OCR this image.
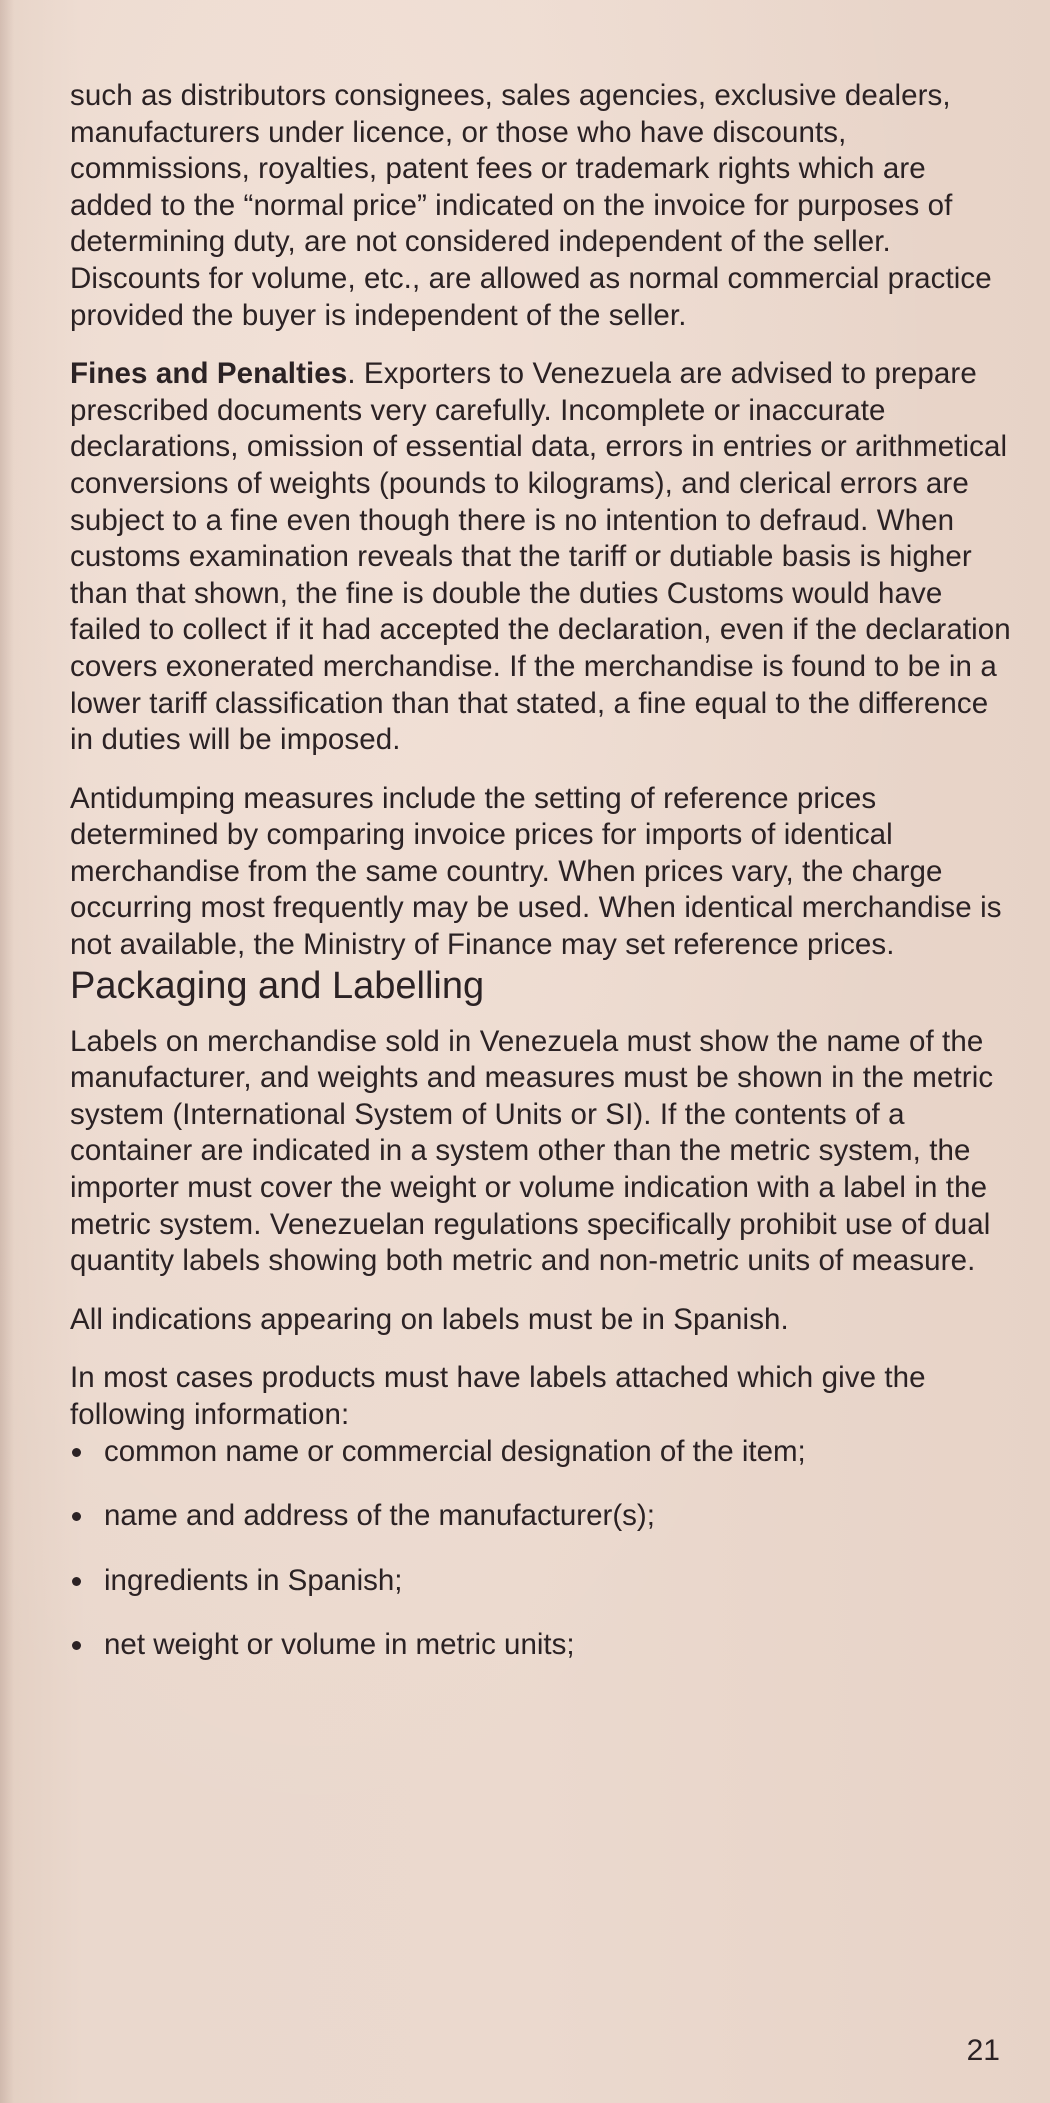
such as distributors consignees, sales agencies, exclusive dealers, manufacturers under licence, or those who have discounts, commissions, royalties, patent fees or trademark rights which are added to the “normal price” indicated on the invoice for purposes of determining duty, are not considered independent of the seller. Discounts for volume, etc., are allowed as normal commercial practice provided the buyer is independent of the seller.

Fines and Penalties. Exporters to Venezuela are advised to prepare prescribed documents very carefully. Incomplete or inaccurate declarations, omission of essential data, errors in entries or arithmetical conversions of weights (pounds to kilograms), and clerical errors are subject to a fine even though there is no intention to defraud. When customs examination reveals that the tariff or dutiable basis is higher than that shown, the fine is double the duties Customs would have failed to collect if it had accepted the declaration, even if the declaration covers exonerated merchandise. If the merchandise is found to be in a lower tariff classification than that stated, a fine equal to the difference in duties will be imposed.

Antidumping measures include the setting of reference prices determined by comparing invoice prices for imports of identical merchandise from the same country. When prices vary, the charge occurring most frequently may be used. When identical merchandise is not available, the Ministry of Finance may set reference prices.

Packaging and Labelling

Labels on merchandise sold in Venezuela must show the name of the manufacturer, and weights and measures must be shown in the metric system (International System of Units or SI). If the contents of a container are indicated in a system other than the metric system, the importer must cover the weight or volume indication with a label in the metric system. Venezuelan regulations specifically prohibit use of dual quantity labels showing both metric and non-metric units of measure.

All indications appearing on labels must be in Spanish.

In most cases products must have labels attached which give the following information:

common name or commercial designation of the item;
name and address of the manufacturer(s);
ingredients in Spanish;
net weight or volume in metric units;
21
